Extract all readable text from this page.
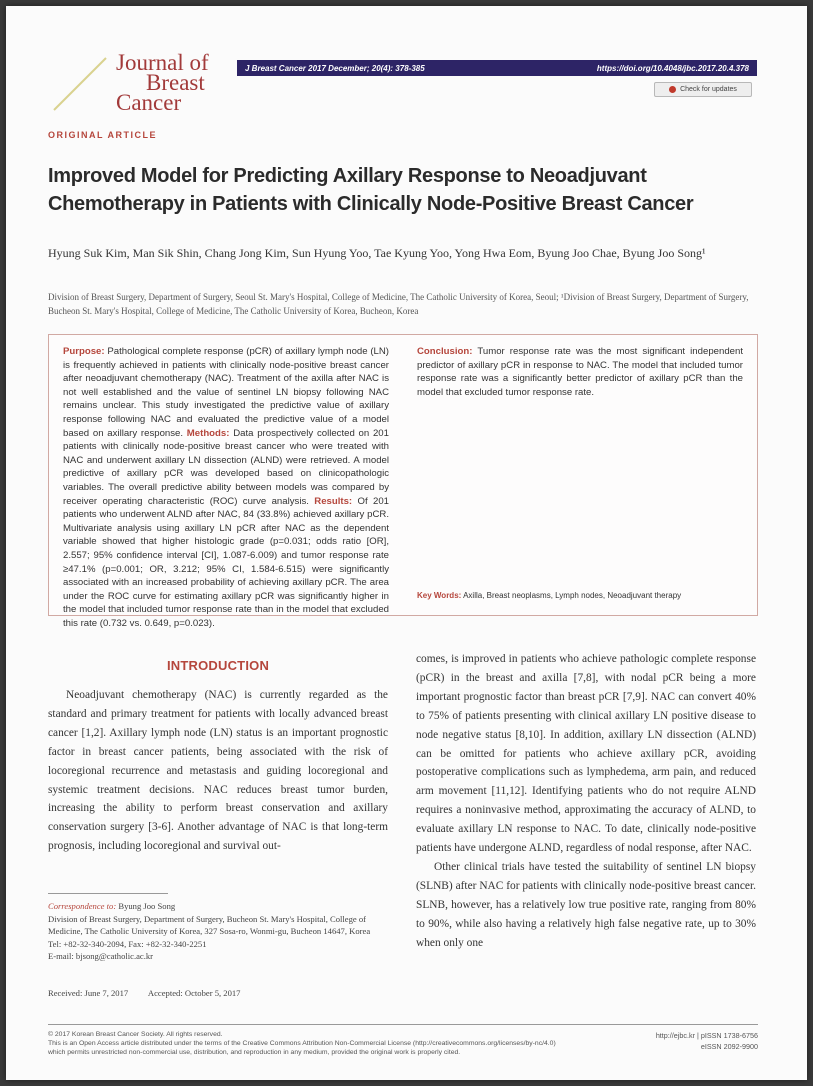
Journal of
Breast
Cancer
J Breast Cancer 2017 December; 20(4): 378-385	https://doi.org/10.4048/jbc.2017.20.4.378
Check for updates
ORIGINAL ARTICLE
Improved Model for Predicting Axillary Response to Neoadjuvant Chemotherapy in Patients with Clinically Node-Positive Breast Cancer
Hyung Suk Kim, Man Sik Shin, Chang Jong Kim, Sun Hyung Yoo, Tae Kyung Yoo, Yong Hwa Eom, Byung Joo Chae, Byung Joo Song¹
Division of Breast Surgery, Department of Surgery, Seoul St. Mary's Hospital, College of Medicine, The Catholic University of Korea, Seoul; ¹Division of Breast Surgery, Department of Surgery, Bucheon St. Mary's Hospital, College of Medicine, The Catholic University of Korea, Bucheon, Korea
Purpose: Pathological complete response (pCR) of axillary lymph node (LN) is frequently achieved in patients with clinically node-positive breast cancer after neoadjuvant chemotherapy (NAC). Treatment of the axilla after NAC is not well established and the value of sentinel LN biopsy following NAC remains unclear. This study investigated the predictive value of axillary response following NAC and evaluated the predictive value of a model based on axillary response. Methods: Data prospectively collected on 201 patients with clinically node-positive breast cancer who were treated with NAC and underwent axillary LN dissection (ALND) were retrieved. A model predictive of axillary pCR was developed based on clinicopathologic variables. The overall predictive ability between models was compared by receiver operating characteristic (ROC) curve analysis. Results: Of 201 patients who underwent ALND after NAC, 84 (33.8%) achieved axillary pCR. Multivariate analysis using axillary LN pCR after NAC as the dependent variable showed that higher histologic grade (p=0.031; odds ratio [OR], 2.557; 95% confidence interval [CI], 1.087-6.009) and tumor response rate ≥47.1% (p=0.001; OR, 3.212; 95% CI, 1.584-6.515) were significantly associated with an increased probability of achieving axillary pCR. The area under the ROC curve for estimating axillary pCR was significantly higher in the model that included tumor response rate than in the model that excluded this rate (0.732 vs. 0.649, p=0.023).
Conclusion: Tumor response rate was the most significant independent predictor of axillary pCR in response to NAC. The model that included tumor response rate was a significantly better predictor of axillary pCR than the model that excluded tumor response rate.
Key Words: Axilla, Breast neoplasms, Lymph nodes, Neoadjuvant therapy
INTRODUCTION

Neoadjuvant chemotherapy (NAC) is currently regarded as the standard and primary treatment for patients with locally advanced breast cancer [1,2]. Axillary lymph node (LN) status is an important prognostic factor in breast cancer patients, being associated with the risk of locoregional recurrence and metastasis and guiding locoregional and systemic treatment decisions. NAC reduces breast tumor burden, increasing the ability to perform breast conservation and axillary conservation surgery [3-6]. Another advantage of NAC is that long-term prognosis, including locoregional and survival out-

comes, is improved in patients who achieve pathologic complete response (pCR) in the breast and axilla [7,8], with nodal pCR being a more important prognostic factor than breast pCR [7,9]. NAC can convert 40% to 75% of patients presenting with clinical axillary LN positive disease to node negative status [8,10]. In addition, axillary LN dissection (ALND) can be omitted for patients who achieve axillary pCR, avoiding postoperative complications such as lymphedema, arm pain, and reduced arm movement [11,12]. Identifying patients who do not require ALND requires a noninvasive method, approximating the accuracy of ALND, to evaluate axillary LN response to NAC. To date, clinically node-positive patients have undergone ALND, regardless of nodal response, after NAC.

Other clinical trials have tested the suitability of sentinel LN biopsy (SLNB) after NAC for patients with clinically node-positive breast cancer. SLNB, however, has a relatively low true positive rate, ranging from 80% to 90%, while also having a relatively high false negative rate, up to 30% when only one

Correspondence to: Byung Joo Song
Division of Breast Surgery, Department of Surgery, Bucheon St. Mary's Hospital, College of Medicine, The Catholic University of Korea, 327 Sosa-ro, Wonmi-gu, Bucheon 14647, Korea
Tel: +82-32-340-2094, Fax: +82-32-340-2251
E-mail: bjsong@catholic.ac.kr
Received: June 7, 2017 Accepted: October 5, 2017
© 2017 Korean Breast Cancer Society. All rights reserved.
This is an Open Access article distributed under the terms of the Creative Commons Attribution Non-Commercial License (http://creativecommons.org/licenses/by-nc/4.0) which permits unrestricted non-commercial use, distribution, and reproduction in any medium, provided the original work is properly cited.
http://ejbc.kr | pISSN 1738-6756
eISSN 2092-9900
